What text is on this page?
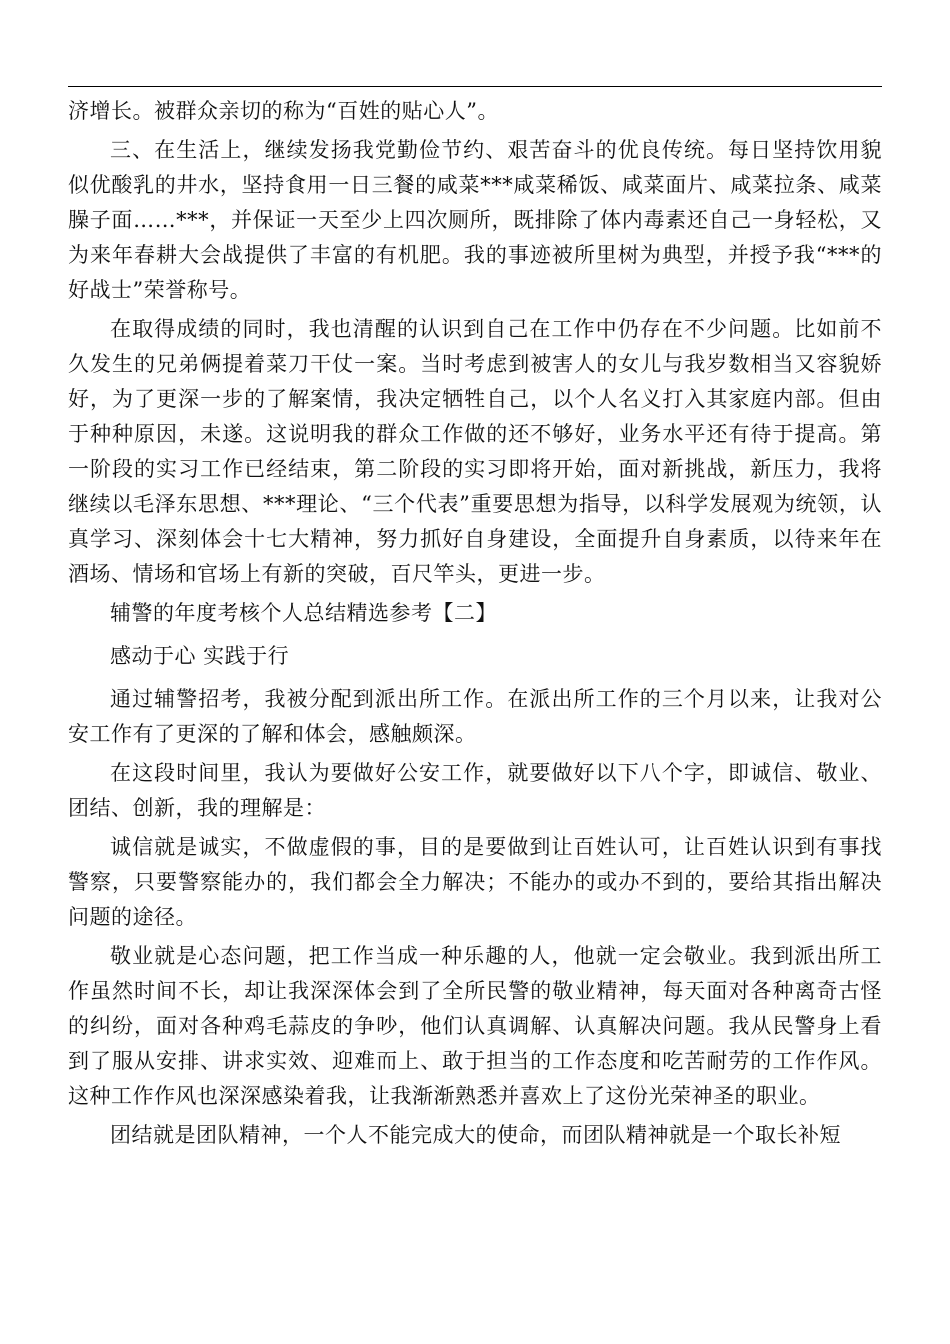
济增长。被群众亲切的称为“百姓的贴心人”。

三、在生活上，继续发扬我党勤俭节约、艰苦奋斗的优良传统。每日坚持饮用貌似优酸乳的井水，坚持食用一日三餐的咸菜***咸菜稀饭、咸菜面片、咸菜拉条、咸菜臊子面……***，并保证一天至少上四次厕所，既排除了体内毒素还自己一身轻松，又为来年春耕大会战提供了丰富的有机肥。我的事迹被所里树为典型，并授予我“***的好战士”荣誉称号。

在取得成绩的同时，我也清醒的认识到自己在工作中仍存在不少问题。比如前不久发生的兄弟俩提着菜刀干仗一案。当时考虑到被害人的女儿与我岁数相当又容貌娇好，为了更深一步的了解案情，我决定牺牲自己，以个人名义打入其家庭内部。但由于种种原因，未遂。这说明我的群众工作做的还不够好，业务水平还有待于提高。第一阶段的实习工作已经结束，第二阶段的实习即将开始，面对新挑战，新压力，我将继续以毛泽东思想、***理论、“三个代表”重要思想为指导，以科学发展观为统领，认真学习、深刻体会十七大精神，努力抓好自身建设，全面提升自身素质，以待来年在酒场、情场和官场上有新的突破，百尺竿头，更进一步。

辅警的年度考核个人总结精选参考【二】

感动于心 实践于行

通过辅警招考，我被分配到派出所工作。在派出所工作的三个月以来，让我对公安工作有了更深的了解和体会，感触颇深。

在这段时间里，我认为要做好公安工作，就要做好以下八个字，即诚信、敬业、团结、创新，我的理解是：

诚信就是诚实，不做虚假的事，目的是要做到让百姓认可，让百姓认识到有事找警察，只要警察能办的，我们都会全力解决；不能办的或办不到的，要给其指出解决问题的途径。

敬业就是心态问题，把工作当成一种乐趣的人，他就一定会敬业。我到派出所工作虽然时间不长，却让我深深体会到了全所民警的敬业精神，每天面对各种离奇古怪的纠纷，面对各种鸡毛蒜皮的争吵，他们认真调解、认真解决问题。我从民警身上看到了服从安排、讲求实效、迎难而上、敢于担当的工作态度和吃苦耐劳的工作作风。这种工作作风也深深感染着我，让我渐渐熟悉并喜欢上了这份光荣神圣的职业。

团结就是团队精神，一个人不能完成大的使命，而团队精神就是一个取长补短
